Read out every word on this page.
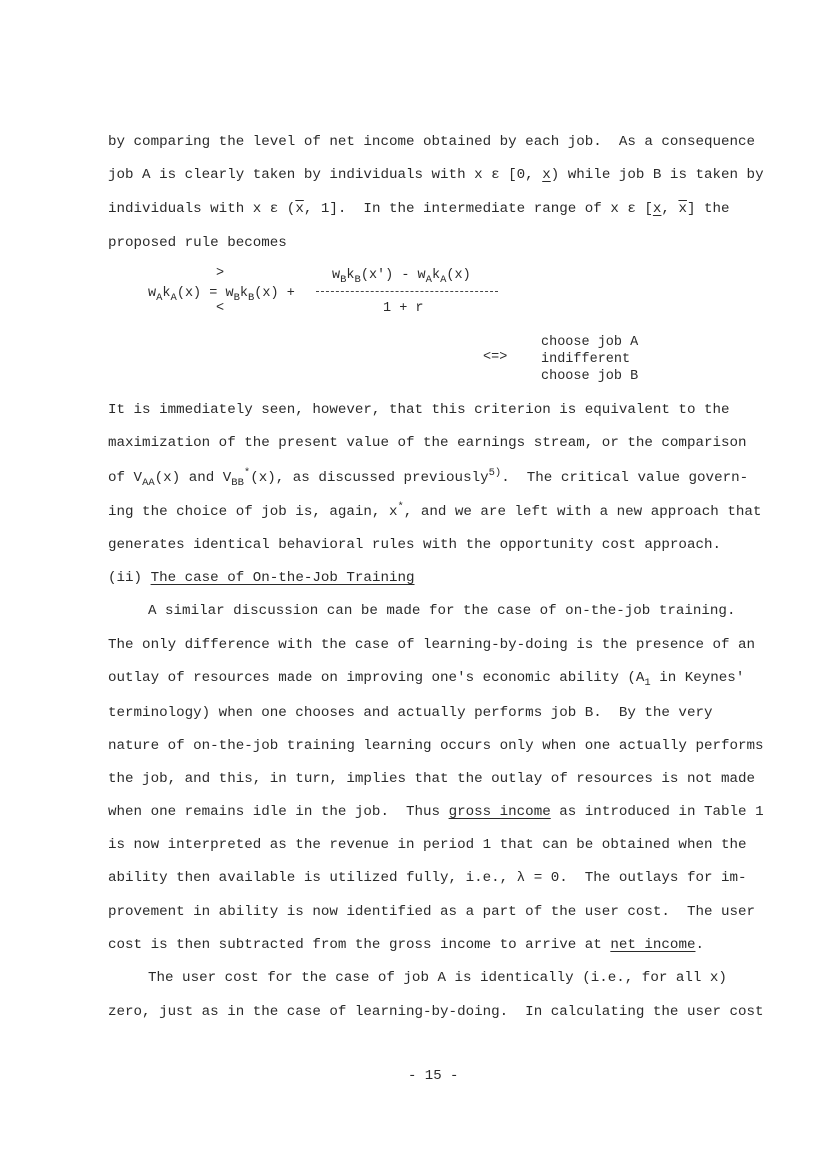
by comparing the level of net income obtained by each job.  As a consequence
job A is clearly taken by individuals with x ε [0, x) while job B is taken by
individuals with x ε ($\overline{x}$, 1].  In the intermediate range of x ε [x, $\overline{x}$] the
proposed rule becomes
>
<
$w_Ak_A(x) = w_Bk_B(x)$ +
$w_Bk_B(x') - w_Ak_A(x)$
1 + r
<=>
choose job A
indifferent
choose job B
It is immediately seen, however, that this criterion is equivalent to the
maximization of the present value of the earnings stream, or the comparison
of $V_{AA}(x)$ and $V_{BB}^*(x)$, as discussed previously$^{5)}$.  The critical value govern-
ing the choice of job is, again, x*, and we are left with a new approach that
generates identical behavioral rules with the opportunity cost approach.
(ii) The case of On-the-Job Training
A similar discussion can be made for the case of on-the-job training.
The only difference with the case of learning-by-doing is the presence of an
outlay of resources made on improving one's economic ability ($A_1$ in Keynes'
terminology) when one chooses and actually performs job B.  By the very
nature of on-the-job training learning occurs only when one actually performs
the job, and this, in turn, implies that the outlay of resources is not made
when one remains idle in the job.  Thus gross income as introduced in Table 1
is now interpreted as the revenue in period 1 that can be obtained when the
ability then available is utilized fully, i.e., λ = 0.  The outlays for im-
provement in ability is now identified as a part of the user cost.  The user
cost is then subtracted from the gross income to arrive at net income.
The user cost for the case of job A is identically (i.e., for all x)
zero, just as in the case of learning-by-doing.  In calculating the user cost
- 15 -
